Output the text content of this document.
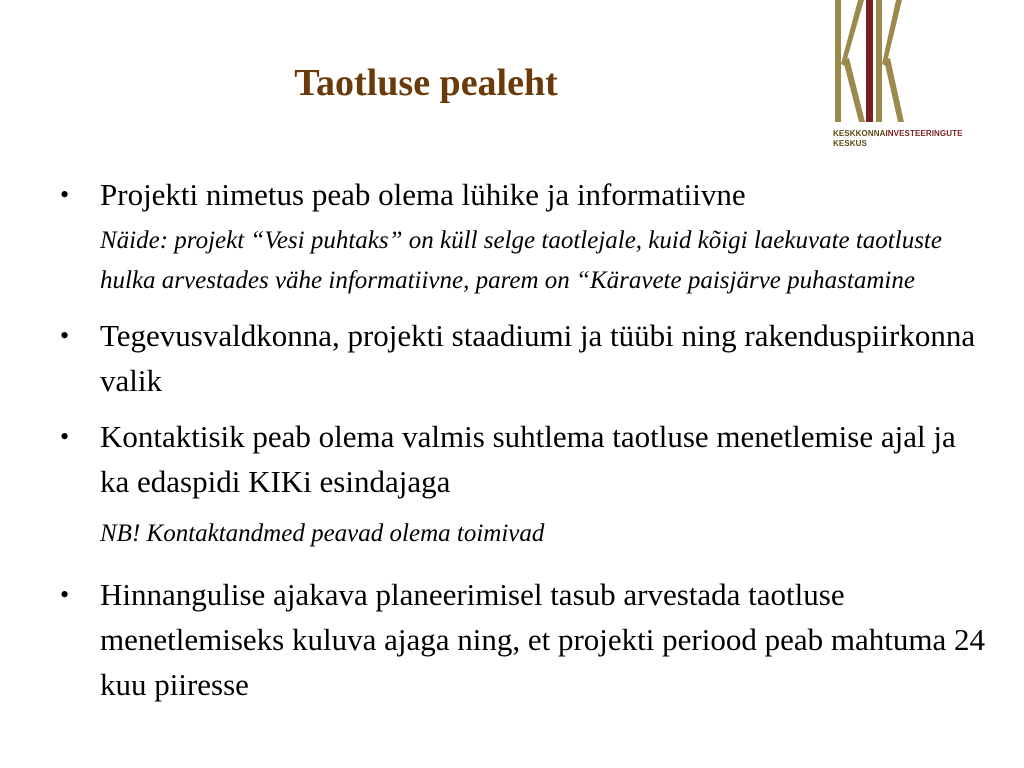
Taotluse pealeht
KESKKONNAINVESTEERINGUTE
KESKUS
• Projekti nimetus peab olema lühike ja informatiivne
Näide: projekt “Vesi puhtaks” on küll selge taotlejale, kuid kõigi laekuvate taotluste hulka arvestades vähe informatiivne, parem on “Käravete paisjärve puhastamine
• Tegevusvaldkonna, projekti staadiumi ja tüübi ning rakenduspiirkonna valik
• Kontaktisik peab olema valmis suhtlema taotluse menetlemise ajal ja ka edaspidi KIKi esindajaga
NB! Kontaktandmed peavad olema toimivad
• Hinnangulise ajakava planeerimisel tasub arvestada taotluse menetlemiseks kuluva ajaga ning, et projekti periood peab mahtuma 24 kuu piiresse
